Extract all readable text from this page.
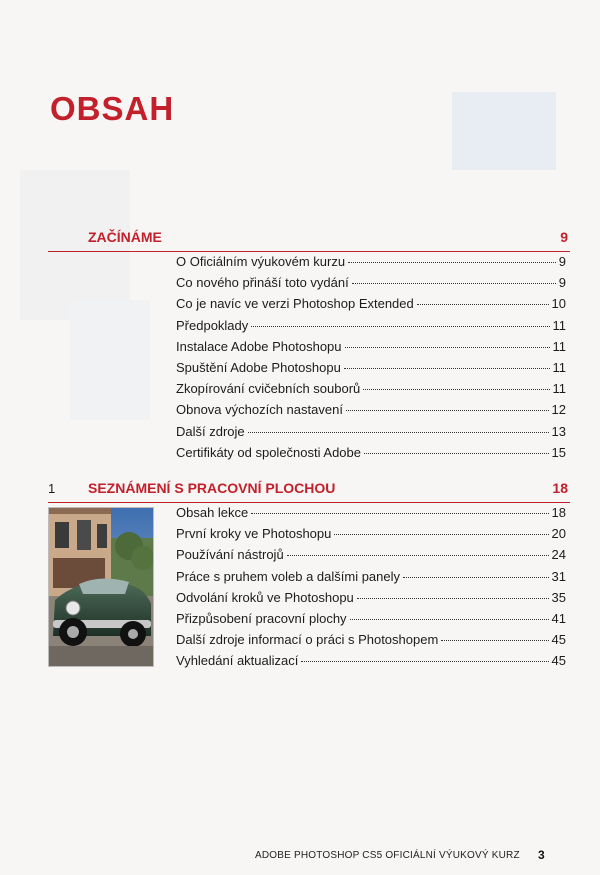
OBSAH
ZAČÍNÁME	9
O Oficiálním výukovém kurzu	9
Co nového přináší toto vydání	9
Co je navíc ve verzi Photoshop Extended	10
Předpoklady	11
Instalace Adobe Photoshopu	11
Spuštění Adobe Photoshopu	11
Zkopírování cvičebních souborů	11
Obnova výchozích nastavení	12
Další zdroje	13
Certifikáty od společnosti Adobe	15
1 SEZNÁMENÍ S PRACOVNÍ PLOCHOU	18
Obsah lekce	18
První kroky ve Photoshopu	20
Používání nástrojů	24
Práce s pruhem voleb a dalšími panely	31
Odvolání kroků ve Photoshopu	35
Přizpůsobení pracovní plochy	41
Další zdroje informací o práci s Photoshopem	45
Vyhledání aktualizací	45
ADOBE PHOTOSHOP CS5 OFICIÁLNÍ VÝUKOVÝ KURZ 3
